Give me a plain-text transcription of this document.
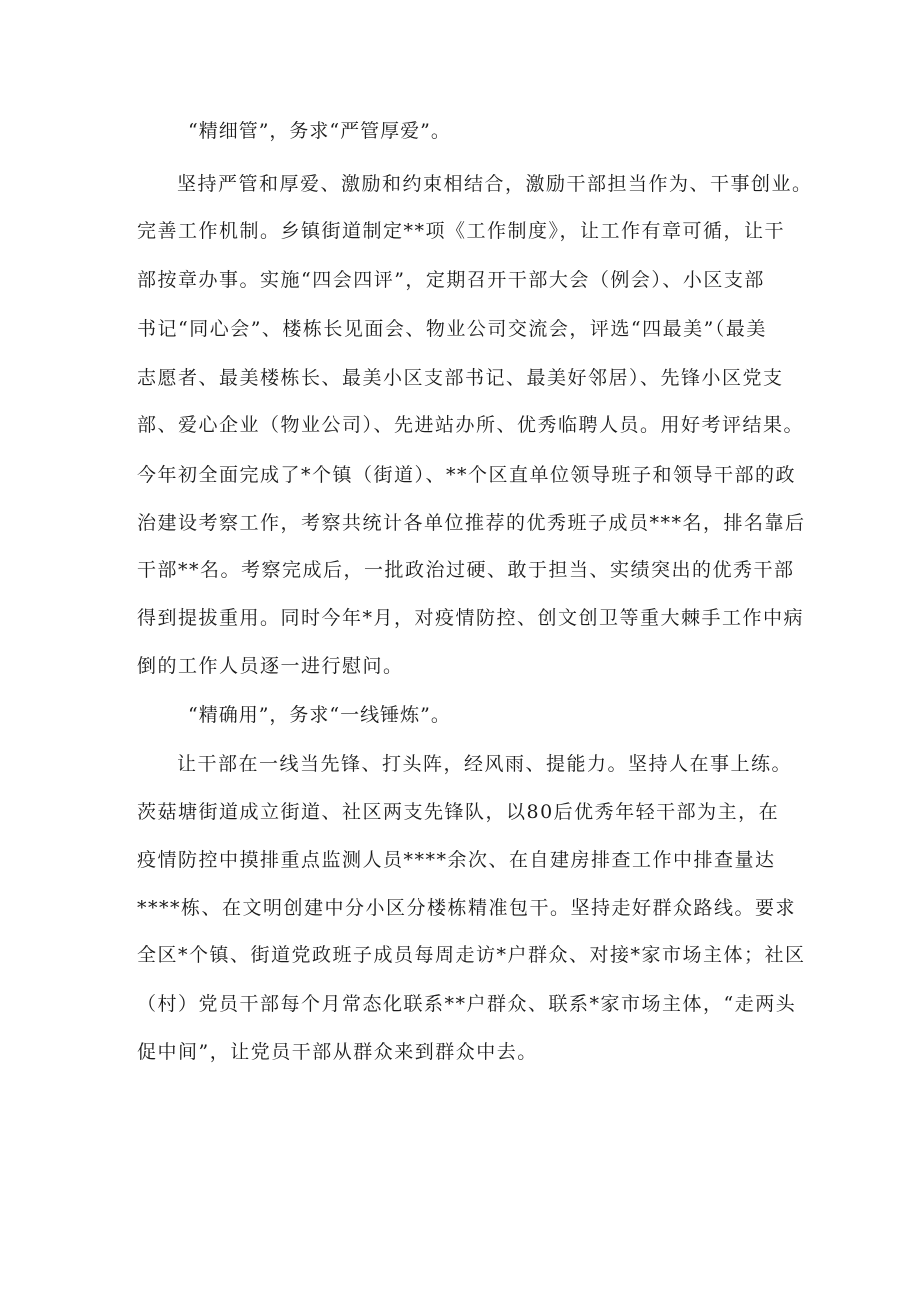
“精细管”，务求“严管厚爱”。
坚持严管和厚爱、激励和约束相结合，激励干部担当作为、干事创业。
完善工作机制。乡镇街道制定**项《工作制度》，让工作有章可循，让干
部按章办事。实施“四会四评”，定期召开干部大会（例会）、小区支部
书记“同心会”、楼栋长见面会、物业公司交流会，评选“四最美”（最美
志愿者、最美楼栋长、最美小区支部书记、最美好邻居）、先锋小区党支
部、爱心企业（物业公司）、先进站办所、优秀临聘人员。用好考评结果。
今年初全面完成了*个镇（街道）、**个区直单位领导班子和领导干部的政
治建设考察工作，考察共统计各单位推荐的优秀班子成员***名，排名靠后
干部**名。考察完成后，一批政治过硬、敢于担当、实绩突出的优秀干部
得到提拔重用。同时今年*月，对疫情防控、创文创卫等重大棘手工作中病
倒的工作人员逐一进行慰问。
“精确用”，务求“一线锤炼”。
让干部在一线当先锋、打头阵，经风雨、提能力。坚持人在事上练。
茨菇塘街道成立街道、社区两支先锋队，以80后优秀年轻干部为主，在
疫情防控中摸排重点监测人员****余次、在自建房排查工作中排查量达
****栋、在文明创建中分小区分楼栋精准包干。坚持走好群众路线。要求
全区*个镇、街道党政班子成员每周走访*户群众、对接*家市场主体；社区
（村）党员干部每个月常态化联系**户群众、联系*家市场主体，“走两头
促中间”，让党员干部从群众来到群众中去。
